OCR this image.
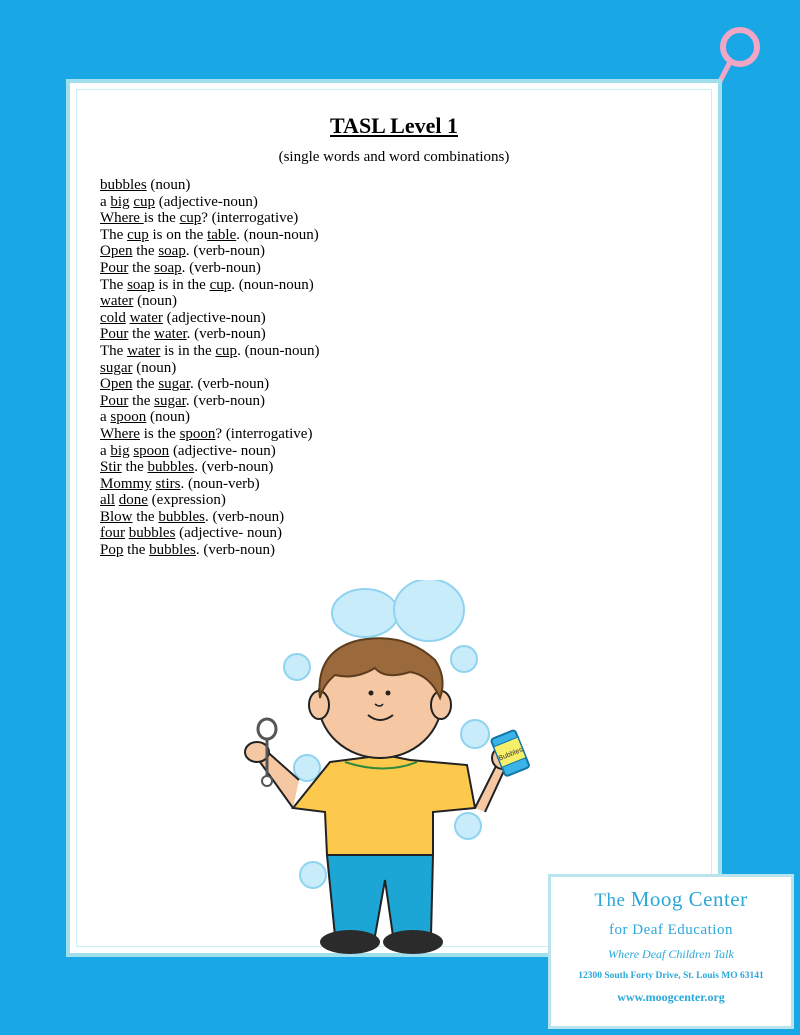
TASL Level 1
(single words and word combinations)
bubbles (noun)
a big cup (adjective-noun)
Where is the cup? (interrogative)
The cup is on the table. (noun-noun)
Open the soap. (verb-noun)
Pour the soap. (verb-noun)
The soap is in the cup. (noun-noun)
water (noun)
cold water (adjective-noun)
Pour the water. (verb-noun)
The water is in the cup. (noun-noun)
sugar (noun)
Open the sugar. (verb-noun)
Pour the sugar. (verb-noun)
a spoon (noun)
Where is the spoon? (interrogative)
a big spoon (adjective- noun)
Stir the bubbles. (verb-noun)
Mommy stirs. (noun-verb)
all done (expression)
Blow the bubbles. (verb-noun)
four bubbles (adjective- noun)
Pop the bubbles. (verb-noun)
Bubbles
The Moog Center
for Deaf Education
Where Deaf Children Talk
12300 South Forty Drive, St. Louis MO 63141
www.moogcenter.org
